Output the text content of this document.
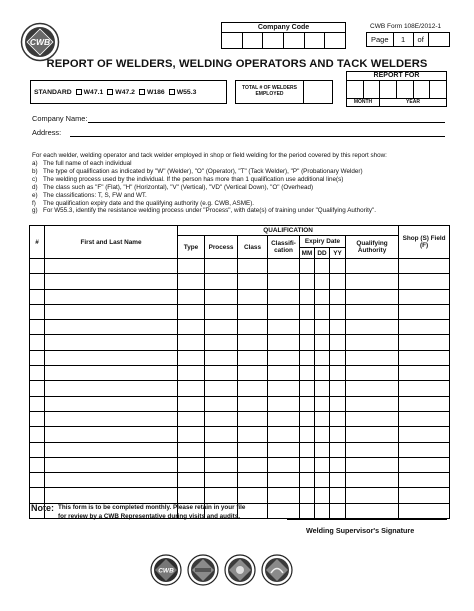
CWB
Company Code	CWB Form 108E/2012-1
Page	1	of
REPORT OF WELDERS, WELDING OPERATORS AND TACK WELDERS
STANDARD	W47.1	W47.2	W186	W55.3
TOTAL # OF WELDERS EMPLOYED
REPORT FOR
MONTH	YEAR
Company Name:
Address:
For each welder, welding operator and tack welder employed in shop or field welding for the period covered by this report show:
a) The full name of each individual
b) The type of qualification as indicated by "W" (Welder), "O" (Operator), "T" (Tack Welder), "P" (Probationary Welder)
c) The welding process used by the individual. If the person has more than 1 qualification use additional line(s)
d) The class such as "F" (Flat), "H" (Horizontal), "V" (Vertical), "VD" (Vertical Down), "O" (Overhead)
e) The classifications: T, S, FW and WT.
f)	The qualification expiry date and the qualifying authority (e.g. CWB, ASME).
g) For W55.3, identify the resistance welding process under "Process", with date(s) of training under "Qualifying Authority".
#	First and Last Name	QUALIFICATION								Shop (S) Field (F)
		Type	Process	Class	Classifi-cation	Expiry Date			Qualifying Authority	
						MM	DD	YY		

Note: This form is to be completed monthly. Please retain in your file
for review by a CWB Representative during visits and audits.
Welding Supervisor's Signature
CWB
